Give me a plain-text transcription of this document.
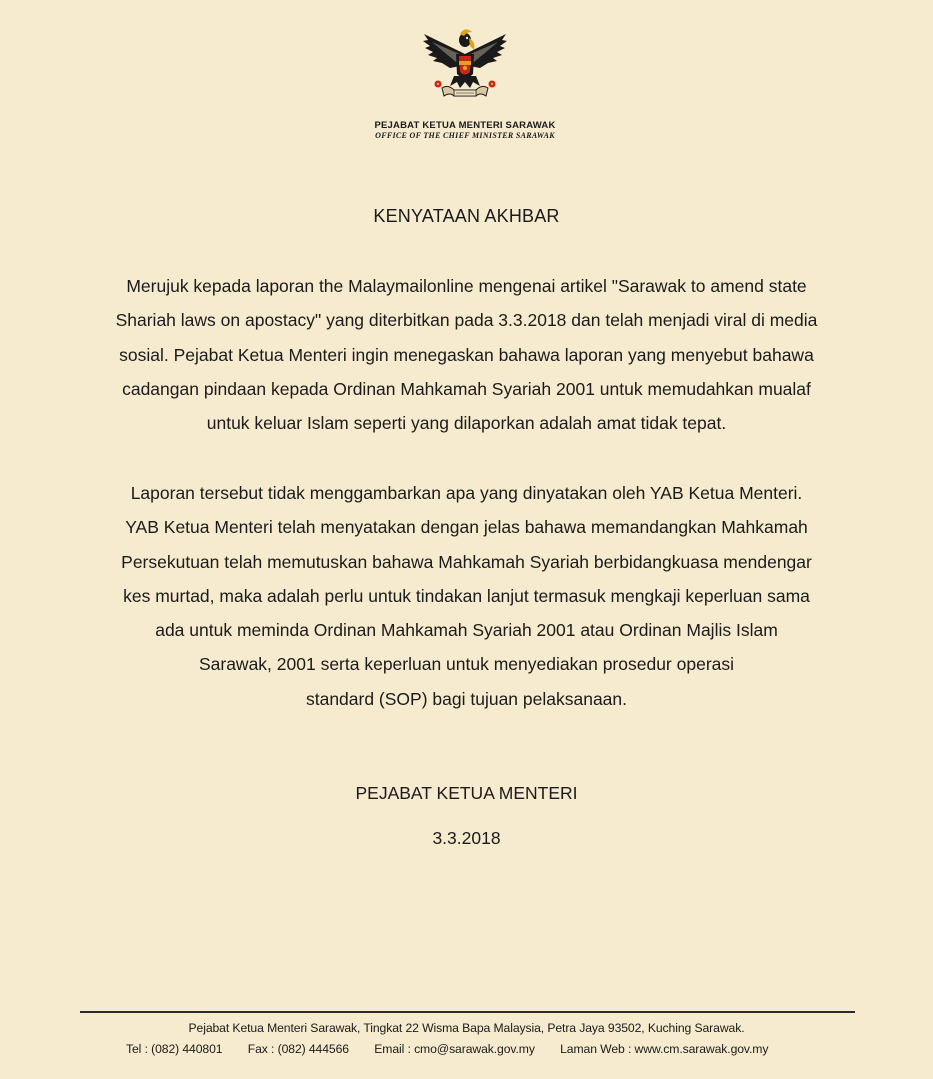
PEJABAT KETUA MENTERI SARAWAK
OFFICE OF THE CHIEF MINISTER SARAWAK
KENYATAAN AKHBAR
Merujuk kepada laporan the Malaymailonline mengenai artikel "Sarawak to amend state
Shariah laws on apostacy" yang diterbitkan pada 3.3.2018 dan telah menjadi viral di media
sosial. Pejabat Ketua Menteri ingin menegaskan bahawa laporan yang menyebut bahawa
cadangan pindaan kepada Ordinan Mahkamah Syariah 2001 untuk memudahkan mualaf
untuk keluar Islam seperti yang dilaporkan adalah amat tidak tepat.
Laporan tersebut tidak menggambarkan apa yang dinyatakan oleh YAB Ketua Menteri.
YAB Ketua Menteri telah menyatakan dengan jelas bahawa memandangkan Mahkamah
Persekutuan telah memutuskan bahawa Mahkamah Syariah berbidangkuasa mendengar
kes murtad, maka adalah perlu untuk tindakan lanjut termasuk mengkaji keperluan sama
ada untuk meminda Ordinan Mahkamah Syariah 2001 atau Ordinan Majlis Islam
Sarawak, 2001 serta keperluan untuk menyediakan prosedur operasi
standard (SOP) bagi tujuan pelaksanaan.
PEJABAT KETUA MENTERI
3.3.2018
Pejabat Ketua Menteri Sarawak, Tingkat 22 Wisma Bapa Malaysia, Petra Jaya 93502, Kuching Sarawak.
Tel : (082) 440801 Fax : (082) 444566 Email : cmo@sarawak.gov.my Laman Web : www.cm.sarawak.gov.my
